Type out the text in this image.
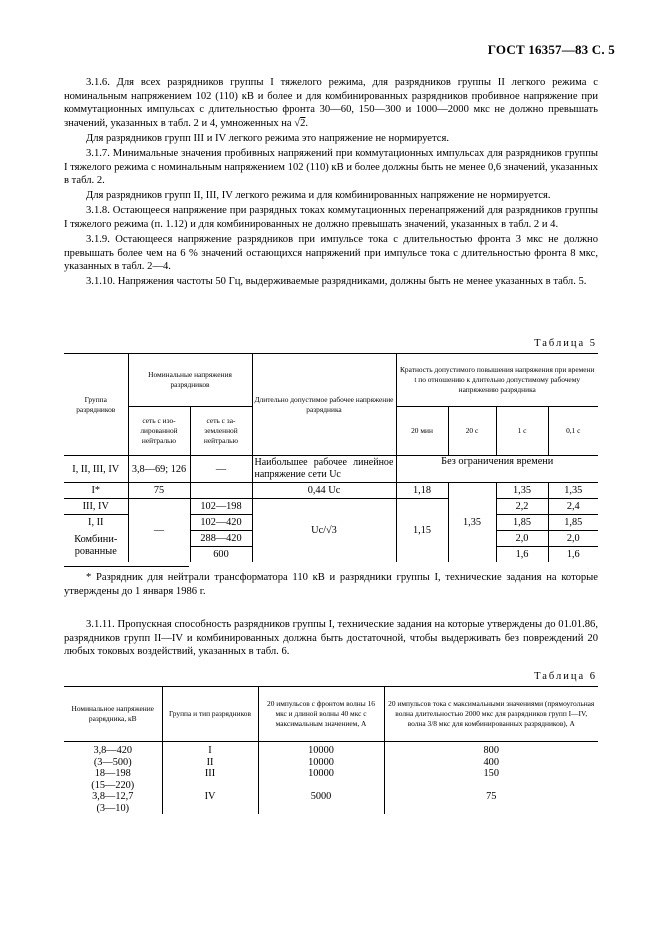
ГОСТ 16357—83 С. 5

3.1.6. Для всех разрядников группы I тяжелого режима, для разрядников группы II легкого режима с номинальным напряжением 102 (110) кВ и более и для комбинированных разрядников пробивное напряжение при коммутационных импульсах с длительностью фронта 30—60, 150—300 и 1000—2000 мкс не должно превышать значений, указанных в табл. 2 и 4, умноженных на √2.

Для разрядников групп III и IV легкого режима это напряжение не нормируется.

3.1.7. Минимальные значения пробивных напряжений при коммутационных импульсах для разрядников группы I тяжелого режима с номинальным напряжением 102 (110) кВ и более должны быть не менее 0,6 значений, указанных в табл. 2.

Для разрядников групп II, III, IV легкого режима и для комбинированных напряжение не нормируется.

3.1.8. Остающееся напряжение при разрядных токах коммутационных перенапряжений для разрядников группы I тяжелого режима (п. 1.12) и для комбинированных не должно превышать значений, указанных в табл. 2 и 4.

3.1.9. Остающееся напряжение разрядников при импульсе тока с длительностью фронта 3 мкс не должно превышать более чем на 6 % значений остающихся напряжений при импульсе тока с длительностью фронта 8 мкс, указанных в табл. 2—4.

3.1.10. Напряжения частоты 50 Гц, выдерживаемые разрядниками, должны быть не менее указанных в табл. 5.

Таблица 5
Группа разрядников	Номинальные напряжения разрядников		Длительно допустимое рабочее напряжение разрядника	Кратность допустимого повышения напряжения при времени t по отношению к длительно допустимому рабочему напряжению разрядника			
	сеть с изо-лированной нейтралью	сеть с за-земленной нейтралью		20 мин	20 с	1 с	0,1 с
I, II, III, IV	3,8—69; 126	—	Наибольшее рабочее линейное напряжение сети Uс	Без ограничения времени			
I*	75		0,44 Uс	1,18	1,35	1,35	1,35
III, IV	—	102—198	Uс/√3	1,15		2,2	2,4
I, II		102—420				1,85	1,85
Комбини-рованные		288—420				2,0	2,0
		600				1,6	1,6

* Разрядник для нейтрали трансформатора 110 кВ и разрядники группы I, технические задания на которые утверждены до 1 января 1986 г.

3.1.11. Пропускная способность разрядников группы I, технические задания на которые утверждены до 01.01.86, разрядников групп II—IV и комбинированных должна быть достаточной, чтобы выдерживать без повреждений 20 любых токовых воздействий, указанных в табл. 6.

Таблица 6
Номинальное напряжение разрядника, кВ	Группа и тип разрядников	20 импульсов с фронтом волны 16 мкс и длиной волны 40 мкс с максимальным значением, А	20 импульсов тока с максимальными значениями (прямоугольная волна длительностью 2000 мкс для разрядников групп I—IV, волна 3/8 мкс для комбинированных разрядников), А
3,8—420	I	10000	800
(3—500)	II	10000	400
18—198	III	10000	150
(15—220)			
3,8—12,7	IV	5000	75
(3—10)			
